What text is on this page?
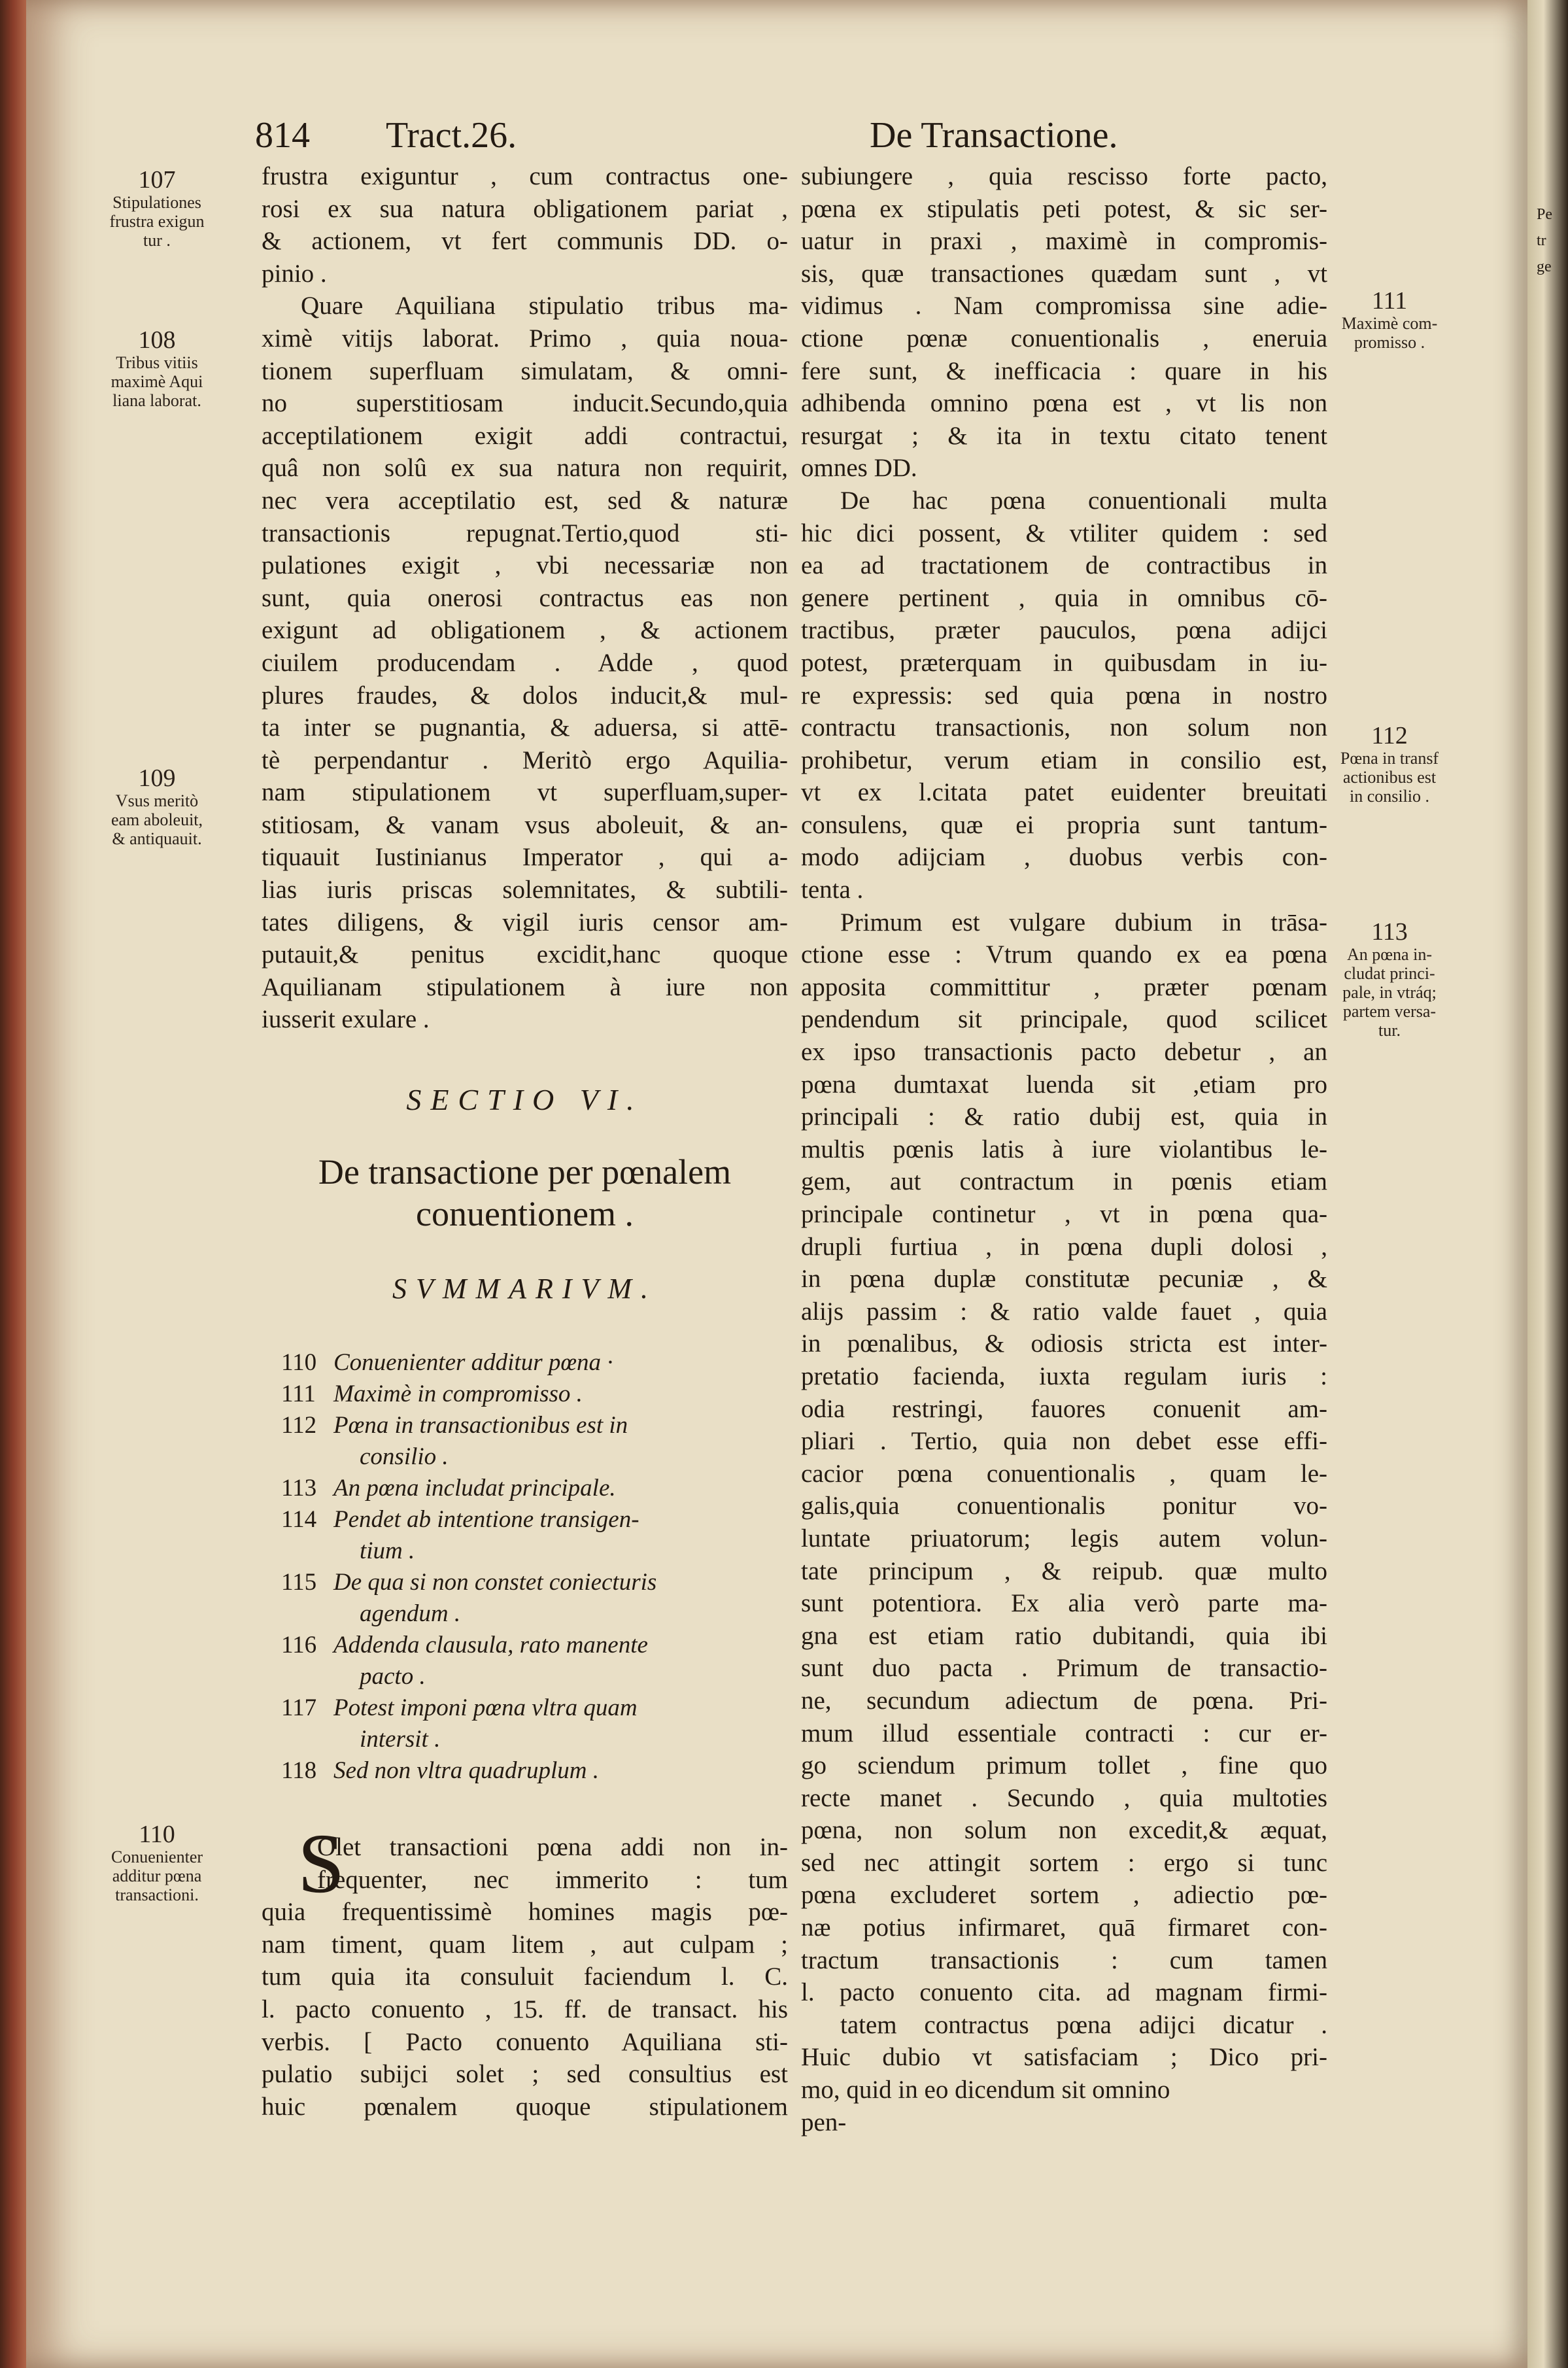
814 Tract.26.	De Transactione.
frustra exiguntur , cum contractus one-
rosi ex sua natura obligationem pariat ,
& actionem, vt fert communis DD. o-
pinio .
Quare Aquiliana stipulatio tribus ma-
ximè vitijs laborat. Primo , quia noua-
tionem superfluam simulatam, & omni-
no superstitiosam inducit.Secundo,quia
acceptilationem exigit addi contractui,
quâ non solû ex sua natura non requirit,
nec vera acceptilatio est, sed & naturæ
transactionis repugnat.Tertio,quod sti-
pulationes exigit , vbi necessariæ non
sunt, quia onerosi contractus eas non
exigunt ad obligationem , & actionem
ciuilem producendam . Adde , quod
plures fraudes, & dolos inducit,& mul-
ta inter se pugnantia, & aduersa, si attē-
tè perpendantur . Meritò ergo Aquilia-
nam stipulationem vt superfluam,super-
stitiosam, & vanam vsus aboleuit, & an-
tiquauit Iustinianus Imperator , qui a-
lias iuris priscas solemnitates, & subtili-
tates diligens, & vigil iuris censor am-
putauit,& penitus excidit,hanc quoque
Aquilianam stipulationem à iure non
iusserit exulare .
SECTIO VI.
De transactione per pœnalem
conuentionem .
SVMMARIVM.
110 Conuenienter additur pœna ·
111 Maximè in compromisso .
112 Pœna in transactionibus est in
consilio .
113 An pœna includat principale.
114 Pendet ab intentione transigen-
tium .
115 De qua si non constet coniecturis
agendum .
116 Addenda clausula, rato manente
pacto .
117 Potest imponi pœna vltra quam
intersit .
118 Sed non vltra quadruplum .
S
Olet transactioni pœna addi non in-
frequenter, nec immerito : tum
quia frequentissimè homines magis pœ-
nam timent, quam litem , aut culpam ;
tum quia ita consuluit faciendum l. C.
l. pacto conuento , 15. ff. de transact. his
verbis. [ Pacto conuento Aquiliana sti-
pulatio subijci solet ; sed consultius est
huic pœnalem quoque stipulationem
subiungere , quia rescisso forte pacto,
pœna ex stipulatis peti potest, & sic ser-
uatur in praxi , maximè in compromis-
sis, quæ transactiones quædam sunt , vt
vidimus . Nam compromissa sine adie-
ctione pœnæ conuentionalis , eneruia
fere sunt, & inefficacia : quare in his
adhibenda omnino pœna est , vt lis non
resurgat ; & ita in textu citato tenent
omnes DD.
De hac pœna conuentionali multa
hic dici possent, & vtiliter quidem : sed
ea ad tractationem de contractibus in
genere pertinent , quia in omnibus cō-
tractibus, præter pauculos, pœna adijci
potest, præterquam in quibusdam in iu-
re expressis: sed quia pœna in nostro
contractu transactionis, non solum non
prohibetur, verum etiam in consilio est,
vt ex l.citata patet euidenter breuitati
consulens, quæ ei propria sunt tantum-
modo adijciam , duobus verbis con-
tenta .
Primum est vulgare dubium in trāsa-
ctione esse : Vtrum quando ex ea pœna
apposita committitur , præter pœnam
pendendum sit principale, quod scilicet
ex ipso transactionis pacto debetur , an
pœna dumtaxat luenda sit ,etiam pro
principali : & ratio dubij est, quia in
multis pœnis latis à iure violantibus le-
gem, aut contractum in pœnis etiam
principale continetur , vt in pœna qua-
drupli furtiua , in pœna dupli dolosi ,
in pœna duplæ constitutæ pecuniæ , &
alijs passim : & ratio valde fauet , quia
in pœnalibus, & odiosis stricta est inter-
pretatio facienda, iuxta regulam iuris :
odia restringi, fauores conuenit am-
pliari . Tertio, quia non debet esse effi-
cacior pœna conuentionalis , quam le-
galis,quia conuentionalis ponitur vo-
luntate priuatorum; legis autem volun-
tate principum , & reipub. quæ multo
sunt potentiora. Ex alia verò parte ma-
gna est etiam ratio dubitandi, quia ibi
sunt duo pacta . Primum de transactio-
ne, secundum adiectum de pœna. Pri-
mum illud essentiale contracti : cur er-
go sciendum primum tollet , fine quo
recte manet . Secundo , quia multoties
pœna, non solum non excedit,& æquat,
sed nec attingit sortem : ergo si tunc
pœna excluderet sortem , adiectio pœ-
næ potius infirmaret, quā firmaret con-
tractum transactionis : cum tamen
l. pacto conuento cita. ad magnam firmi-
tatem contractus pœna adijci dicatur .
Huic dubio vt satisfaciam ; Dico pri-
mo, quid in eo dicendum sit omnino
pen-
107
Stipulationes
frustra exigun
tur .
108
Tribus vitiis
maximè Aqui
liana laborat.
109
Vsus meritò
eam aboleuit,
& antiquauit.
110
Conuenienter
additur pœna
transactioni.
111
Maximè com-
promisso .
112
Pœna in transf
actionibus est
in consilio .
113
An pœna in-
cludat princi-
pale, in vtráq;
partem versa-
tur.
Pe
tr
ge
